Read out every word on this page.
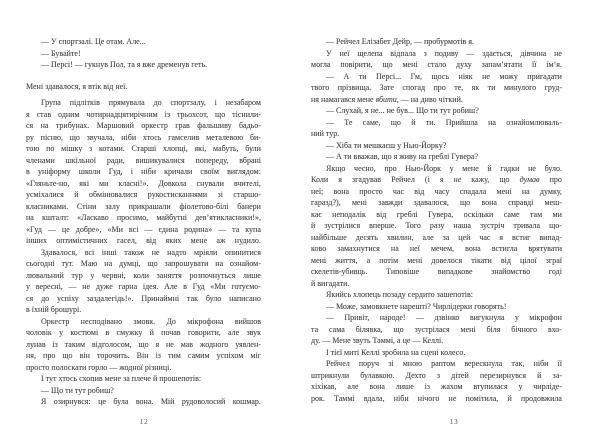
— У спортзалі. Це отам. Але...
— Бувайте!
— Персі! — гукнув Пол, та я вже дременув геть.
Мені здавалося, я втік від неї.
Група підлітків прямувала до спортзалу, і незабаром
я став одним чотирнадцятирічним із трьохсот, що тіснили-
ся на трибунах. Маршовий оркестр грав фальшиву бадьо-
ру пісню, що звучала, ніби хтось гамселив металевою би-
тою по мішку з котами. Старші хлопці, які, мабуть, були
членами шкільної ради, вишикувалися попереду, вбрані
в уніформу школи Гуд, і ніби кричали своїм виглядом:
«Гляньте-но, які ми класні!». Довкола снували вчителі,
усміхалися й обмінювалися рукостисканнями зі старшо-
класниками. Стіни залу прикрашали фіолетово-білі банери
на кшталт: «Ласкаво просимо, майбутні дев’ятикласники!»,
«Гуд — це добре», «Ми всі — єдина родина» — та купа
інших оптимістичних гасел, від яких мене аж нудило.
Здавалося, всі інші також не надто мріяли опинитися
сьогодні тут. Маю на думці, що запрошувати на ознайом-
лювальний тур у червні, коли заняття розпочнуться лише
у вересні, — не дуже гарна ідея. Але в Гуд «Ми готуємо-
ся до успіху заздалегідь!». Принаймні так було написано
в їхній брошурі.
Оркестр несподівано змовк. До мікрофона вийшов
чоловік у костюмі в смужку й почав говорити, але звук
лунав із таким відголосом, що я не мав жодного уявлен-
ня, про що він торочить. Він із тим самим успіхом міг
просто полоскати горло — жодної різниці.
І тут хтось схопив мене за плече й прошепотів:
— Що ти тут робиш?
Я озирнувся: це була вона. Мій рудоволосий кошмар.
12
— Рейчел Елізабет Дейр, — пробурмотів я.
У неї щелепа відпала з подиву — здається, дівчина не
могла повірити, що мені стало духу запам’ятати її ім’я.
— А ти Персі... Гм, щось ніяк не можу пригадати
твого прізвища. Зате спогад про те, як ти минулого груд-
ня намагався мене вбити, — на диво чіткий.
— Слухай, я не... не був... Що ти тут робиш?
— Те саме, що й ти. Прийшла на ознайомлюваль-
ний тур.
— Хіба ти мешкаєш у Нью-Йорку?
— А ти вважав, що я живу на греблі Гувера?
Якщо чесно, про Нью-Йорк у мене й гадки не було.
Коли я згадував Рейчел (і я не кажу, що думав про
неї; вона просто час від часу спадала мені на думку,
гаразд?), мені завжди здавалося, що вона справді меш-
кає неподалік від греблі Гувера, оскільки саме там ми
й зустрілися вперше. Того разу наша зустріч тривала що-
найбільше десять хвилин, але за цей час я встиг випад-
ково замахнутися на неї мечем, вона встигла врятувати
мені життя, а потім мені довелося тікати від цілої зграї
скелетів-убивць. Типовіше випадкове знайомство годі
й вигадати.
Якийсь хлопець позаду сердито зашепотів:
— Може, замовкнете нарешті? Чирлідерки говорять!
— Привіт, народе! — дзвінко вигукнула у мікрофон
та сама білявка, що зустрілася мені біля бічного вхо-
ду. — Мене звуть Таммі, а це — Келлі.
І тієї миті Келлі зробила на сцені колесо.
Рейчел поруч зі мною раптом верескнула так, ніби її
штрикнули булавкою. Дехто з дітей перезирнувся й за-
хіхікав, але вона лише із жахом втупилася у чирліде-
рок. Таммі вдала, ніби нічого не помітила, й продовжила
13
